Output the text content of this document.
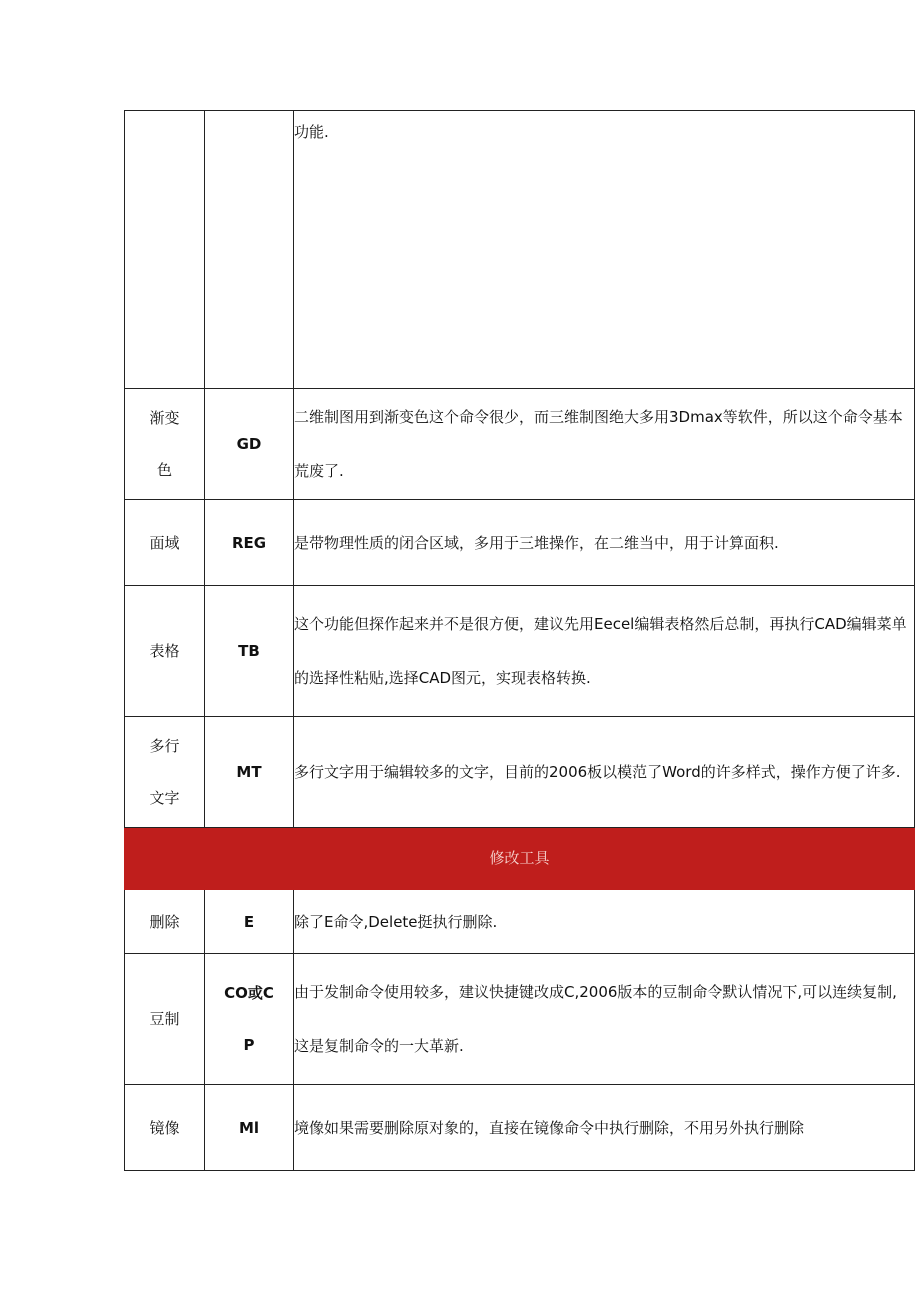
		功能.

渐变色	GD	二维制图用到渐变色这个命令很少，而三维制图绝大多用3Dmax等软件，所以这个命令基本荒废了.

面域	REG	是带物理性质的闭合区域，多用于三堆操作，在二维当中，用于计算面积.

表格	TB	这个功能但探作起来并不是很方便，建议先用Eecel编辑表格然后总制，再执行CAD编辑菜单的选择性粘贴,选择CAD图元，实现表格转换.

多行文字	MT	多行文字用于编辑较多的文字，目前的2006板以模范了Word的许多样式，操作方便了许多.

修改工具		
删除	E	除了E命令,Delete挺执行删除.

豆制	CO或CP	由于发制命令使用较多，建议快捷键改成C,2006版本的豆制命令默认情况下,可以连续复制,这是复制命令的一大革新.

镜像	Ml	境像如果需要删除原对象的，直接在镜像命令中执行删除，不用另外执行删除
